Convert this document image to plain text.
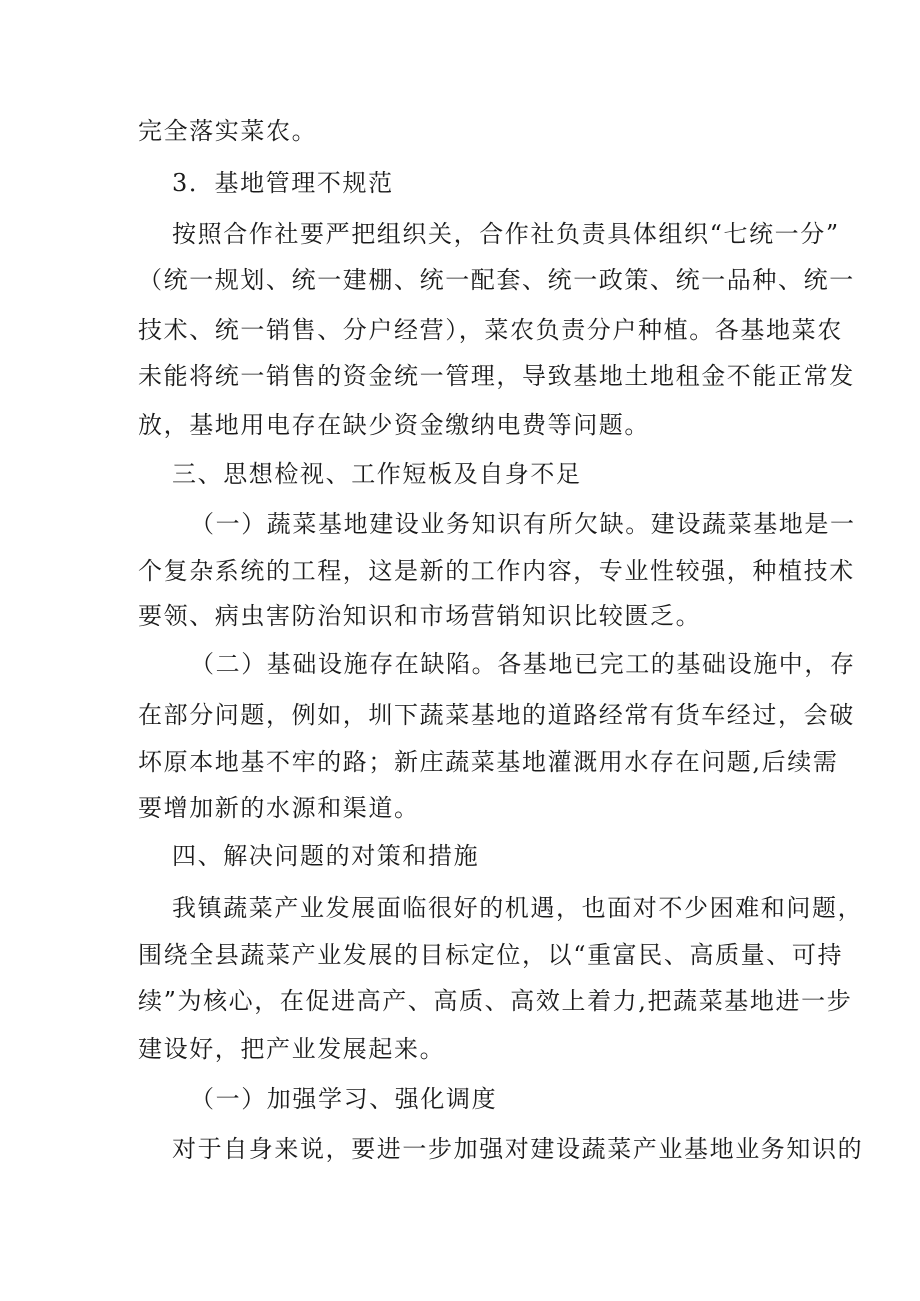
完全落实菜农。

3．基地管理不规范

按照合作社要严把组织关，合作社负责具体组织“七统一分”

（统一规划、统一建棚、统一配套、统一政策、统一品种、统一

技术、统一销售、分户经营），菜农负责分户种植。各基地菜农

未能将统一销售的资金统一管理，导致基地土地租金不能正常发

放，基地用电存在缺少资金缴纳电费等问题。

三、思想检视、工作短板及自身不足

（一）蔬菜基地建设业务知识有所欠缺。建设蔬菜基地是一

个复杂系统的工程，这是新的工作内容，专业性较强，种植技术

要领、病虫害防治知识和市场营销知识比较匮乏。

（二）基础设施存在缺陷。各基地已完工的基础设施中，存

在部分问题，例如，圳下蔬菜基地的道路经常有货车经过，会破

坏原本地基不牢的路；新庄蔬菜基地灌溉用水存在问题,后续需

要增加新的水源和渠道。

四、解决问题的对策和措施

我镇蔬菜产业发展面临很好的机遇，也面对不少困难和问题，

围绕全县蔬菜产业发展的目标定位，以“重富民、高质量、可持

续”为核心，在促进高产、高质、高效上着力,把蔬菜基地进一步

建设好，把产业发展起来。

（一）加强学习、强化调度

对于自身来说，要进一步加强对建设蔬菜产业基地业务知识的
